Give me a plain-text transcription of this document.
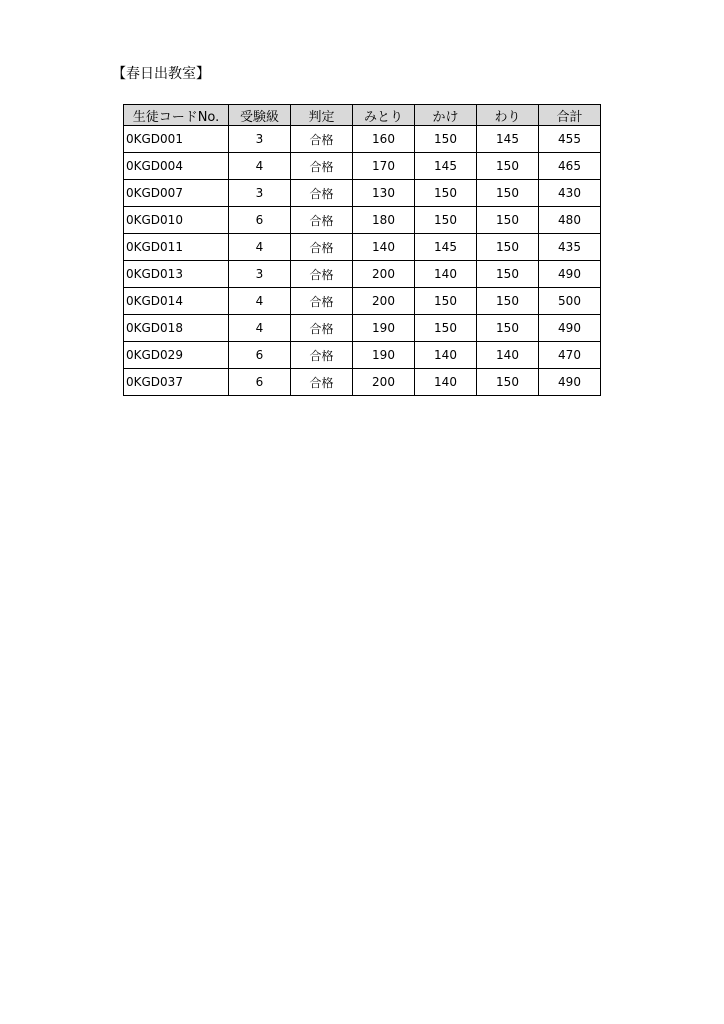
【春日出教室】
生徒コードNo.	受験級	判定	みとり	かけ	わり	合計
0KGD001	3	合格	160	150	145	455
0KGD004	4	合格	170	145	150	465
0KGD007	3	合格	130	150	150	430
0KGD010	6	合格	180	150	150	480
0KGD011	4	合格	140	145	150	435
0KGD013	3	合格	200	140	150	490
0KGD014	4	合格	200	150	150	500
0KGD018	4	合格	190	150	150	490
0KGD029	6	合格	190	140	140	470
0KGD037	6	合格	200	140	150	490
